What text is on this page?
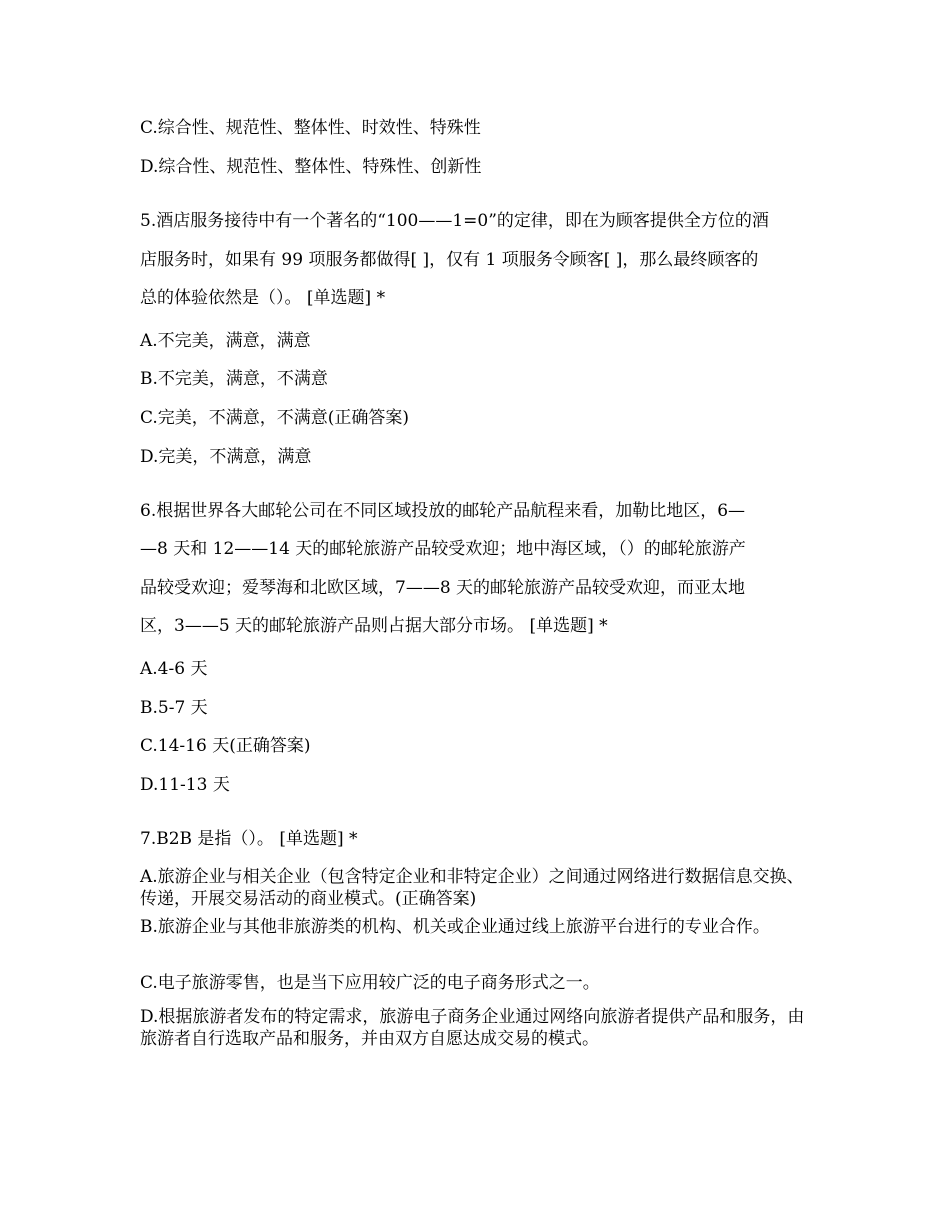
C.综合性、规范性、整体性、时效性、特殊性
D.综合性、规范性、整体性、特殊性、创新性
5.酒店服务接待中有一个著名的“100——1=0”的定律，即在为顾客提供全方位的酒
店服务时，如果有 99 项服务都做得[ ]，仅有 1 项服务令顾客[ ]，那么最终顾客的
总的体验依然是（）。 [单选题] *
A.不完美，满意，满意
B.不完美，满意，不满意
C.完美，不满意，不满意(正确答案)
D.完美，不满意，满意
6.根据世界各大邮轮公司在不同区域投放的邮轮产品航程来看，加勒比地区，6—
—8 天和 12——14 天的邮轮旅游产品较受欢迎；地中海区域，（）的邮轮旅游产
品较受欢迎；爱琴海和北欧区域，7——8 天的邮轮旅游产品较受欢迎，而亚太地
区，3——5 天的邮轮旅游产品则占据大部分市场。 [单选题] *
A.4-6 天
B.5-7 天
C.14-16 天(正确答案)
D.11-13 天
7.B2B 是指（）。 [单选题] *
A.旅游企业与相关企业（包含特定企业和非特定企业）之间通过网络进行数据信息交换、 传递，开展交易活动的商业模式。(正确答案)
B.旅游企业与其他非旅游类的机构、机关或企业通过线上旅游平台进行的专业合作。
C.电子旅游零售，也是当下应用较广泛的电子商务形式之一。
D.根据旅游者发布的特定需求，旅游电子商务企业通过网络向旅游者提供产品和服务，由 旅游者自行选取产品和服务，并由双方自愿达成交易的模式。
